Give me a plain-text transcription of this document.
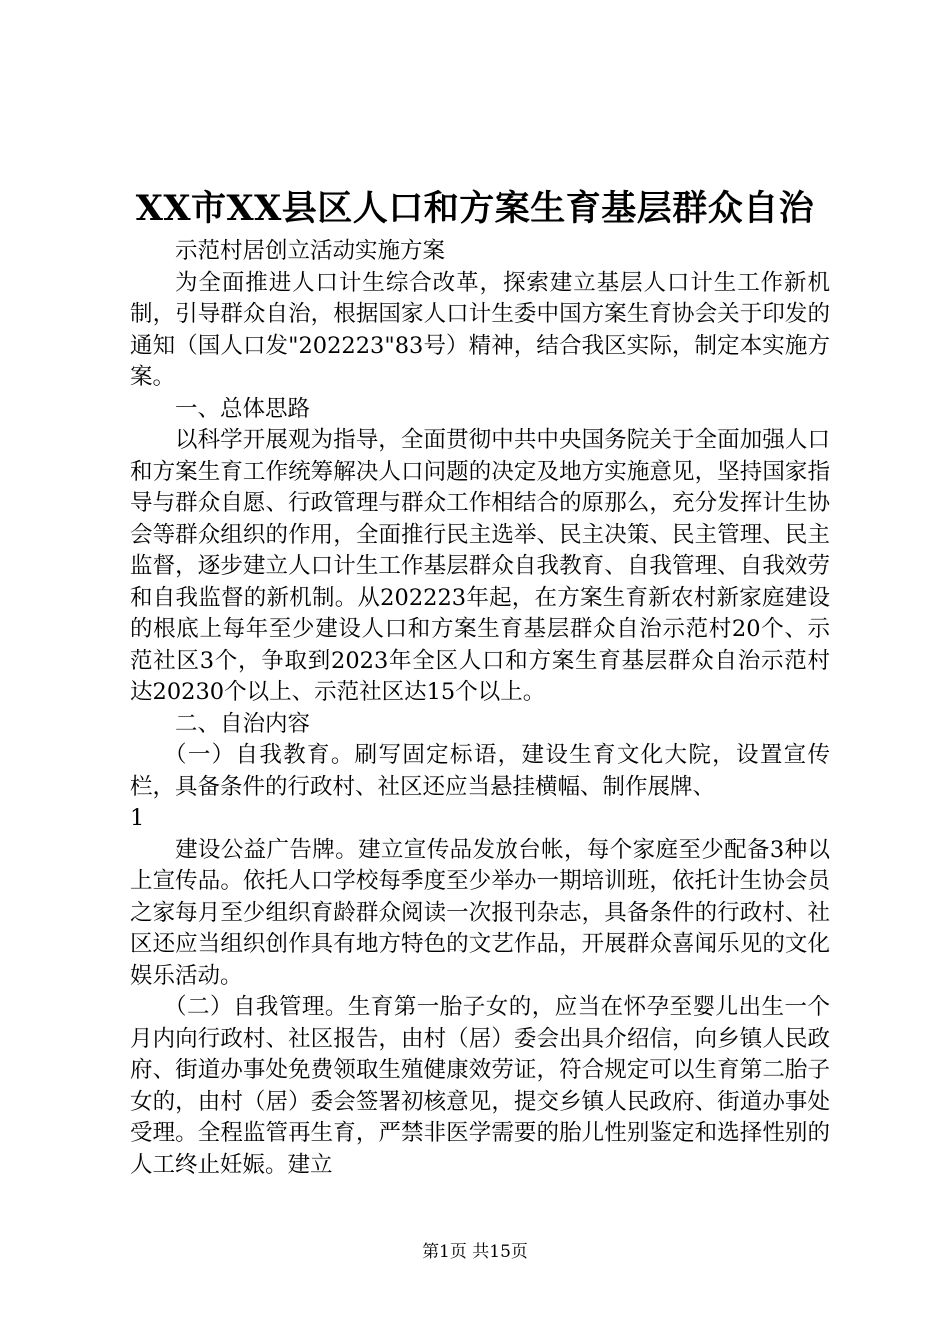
XX市XX县区人口和方案生育基层群众自治

示范村居创立活动实施方案

为全面推进人口计生综合改革，探索建立基层人口计生工作新机制，引导群众自治，根据国家人口计生委中国方案生育协会关于印发的通知（国人口发"202223"83号）精神，结合我区实际，制定本实施方案。

一、总体思路

以科学开展观为指导，全面贯彻中共中央国务院关于全面加强人口和方案生育工作统筹解决人口问题的决定及地方实施意见，坚持国家指导与群众自愿、行政管理与群众工作相结合的原那么，充分发挥计生协会等群众组织的作用，全面推行民主选举、民主决策、民主管理、民主监督，逐步建立人口计生工作基层群众自我教育、自我管理、自我效劳和自我监督的新机制。从202223年起，在方案生育新农村新家庭建设的根底上每年至少建设人口和方案生育基层群众自治示范村20个、示范社区3个，争取到2023年全区人口和方案生育基层群众自治示范村达20230个以上、示范社区达15个以上。

二、自治内容

（一）自我教育。刷写固定标语，建设生育文化大院，设置宣传栏，具备条件的行政村、社区还应当悬挂横幅、制作展牌、

1

建设公益广告牌。建立宣传品发放台帐，每个家庭至少配备3种以上宣传品。依托人口学校每季度至少举办一期培训班，依托计生协会员之家每月至少组织育龄群众阅读一次报刊杂志，具备条件的行政村、社区还应当组织创作具有地方特色的文艺作品，开展群众喜闻乐见的文化娱乐活动。

（二）自我管理。生育第一胎子女的，应当在怀孕至婴儿出生一个月内向行政村、社区报告，由村（居）委会出具介绍信，向乡镇人民政府、街道办事处免费领取生殖健康效劳证，符合规定可以生育第二胎子女的，由村（居）委会签署初核意见，提交乡镇人民政府、街道办事处受理。全程监管再生育，严禁非医学需要的胎儿性别鉴定和选择性别的人工终止妊娠。建立

第1页 共15页
